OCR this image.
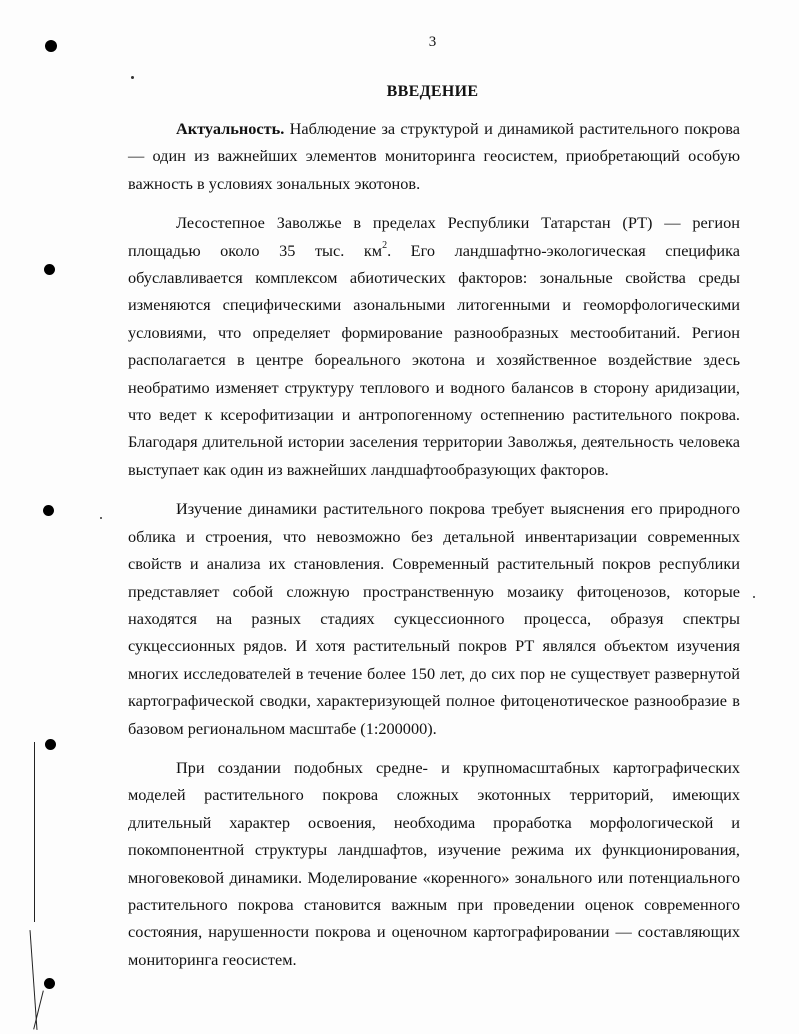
3
ВВЕДЕНИЕ

Актуальность. Наблюдение за структурой и динамикой растительного покрова — один из важнейших элементов мониторинга геосистем, приобретающий особую важность в условиях зональных экотонов.

Лесостепное Заволжье в пределах Республики Татарстан (РТ) — регион площадью около 35 тыс. $км^2$. Его ландшафтно-экологическая специфика обуславливается комплексом абиотических факторов: зональные свойства среды изменяются специфическими азональными литогенными и геоморфологическими условиями, что определяет формирование разнообразных местообитаний. Регион располагается в центре бореального экотона и хозяйственное воздействие здесь необратимо изменяет структуру теплового и водного балансов в сторону аридизации, что ведет к ксерофитизации и антропогенному остепнению растительного покрова. Благодаря длительной истории заселения территории Заволжья, деятельность человека выступает как один из важнейших ландшафтообразующих факторов.

Изучение динамики растительного покрова требует выяснения его природного облика и строения, что невозможно без детальной инвентаризации современных свойств и анализа их становления. Современный растительный покров республики представляет собой сложную пространственную мозаику фитоценозов, которые находятся на разных стадиях сукцессионного процесса, образуя спектры сукцессионных рядов. И хотя растительный покров РТ являлся объектом изучения многих исследователей в течение более 150 лет, до сих пор не существует развернутой картографической сводки, характеризующей полное фитоценотическое разнообразие в базовом региональном масштабе (1:200000).

При создании подобных средне- и крупномасштабных картографических моделей растительного покрова сложных экотонных территорий, имеющих длительный характер освоения, необходима проработка морфологической и покомпонентной структуры ландшафтов, изучение режима их функционирования, многовековой динамики. Моделирование «коренного» зонального или потенциального растительного покрова становится важным при проведении оценок современного состояния, нарушенности покрова и оценочном картографировании — составляющих мониторинга геосистем.
